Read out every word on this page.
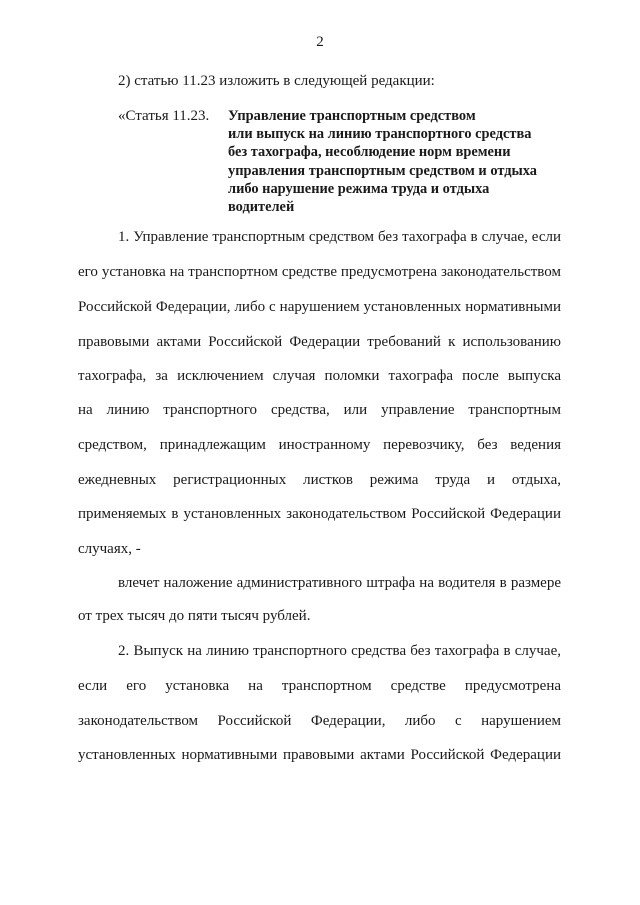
2
2) статью 11.23 изложить в следующей редакции:
«Статья 11.23. Управление транспортным средством
или выпуск на линию транспортного средства
без тахографа, несоблюдение норм времени
управления транспортным средством и отдыха
либо нарушение режима труда и отдыха
водителей
1. Управление транспортным средством без тахографа в случае, если
его установка на транспортном средстве предусмотрена законодательством
Российской Федерации, либо с нарушением установленных нормативными
правовыми актами Российской Федерации требований к использованию
тахографа, за исключением случая поломки тахографа после выпуска
на линию транспортного средства, или управление транспортным
средством, принадлежащим иностранному перевозчику, без ведения
ежедневных регистрационных листков режима труда и отдыха,
применяемых в установленных законодательством Российской Федерации
случаях, -
влечет наложение административного штрафа на водителя в размере
от трех тысяч до пяти тысяч рублей.
2. Выпуск на линию транспортного средства без тахографа в случае,
если его установка на транспортном средстве предусмотрена
законодательством Российской Федерации, либо с нарушением
установленных нормативными правовыми актами Российской Федерации
